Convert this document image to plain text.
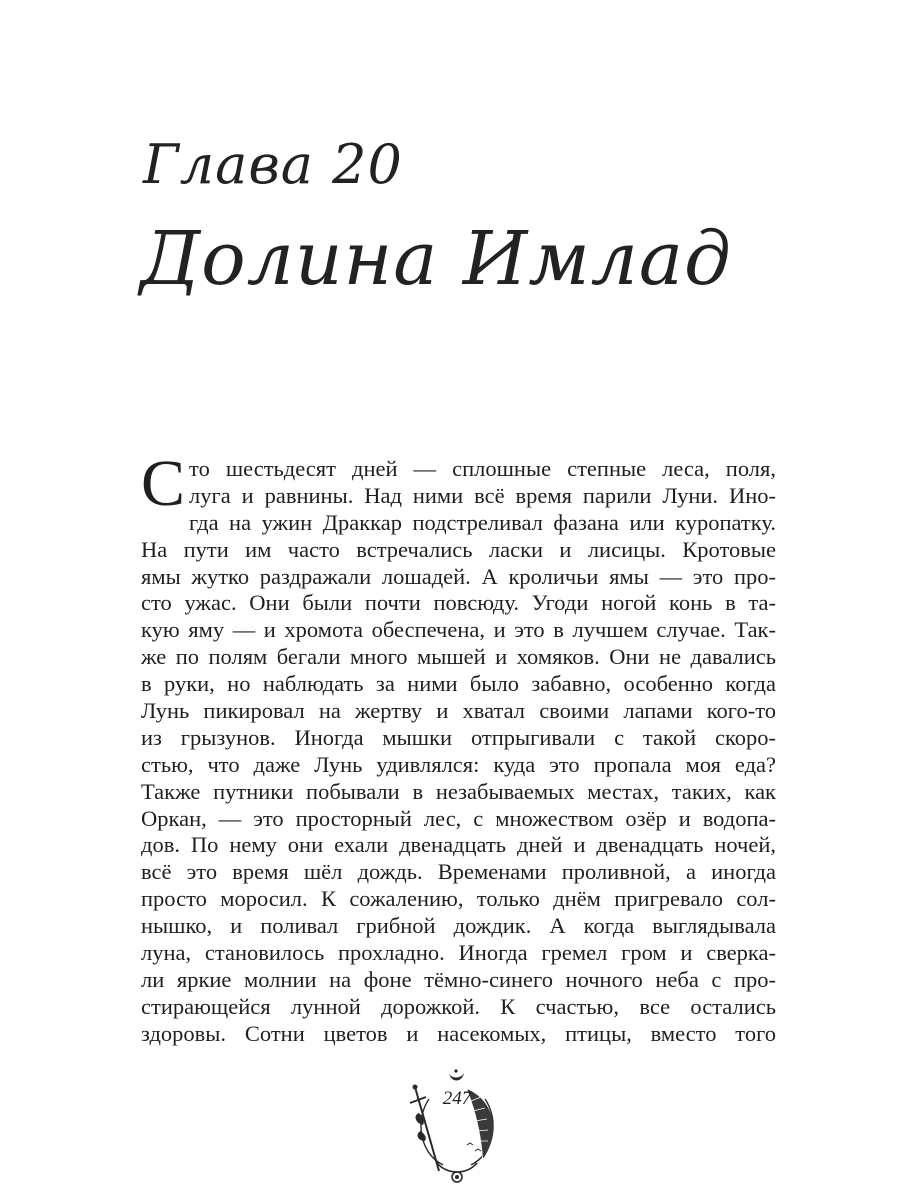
Глава 20
Долина Имлад
С то шестьдесят дней — сплошные степные леса, поля,
луга и равнины. Над ними всё время парили Луни. Ино-
гда на ужин Драккар подстреливал фазана или куропатку.
На пути им часто встречались ласки и лисицы. Кротовые
ямы жутко раздражали лошадей. А кроличьи ямы — это про-
сто ужас. Они были почти повсюду. Угоди ногой конь в та-
кую яму — и хромота обеспечена, и это в лучшем случае. Так-
же по полям бегали много мышей и хомяков. Они не давались
в руки, но наблюдать за ними было забавно, особенно когда
Лунь пикировал на жертву и хватал своими лапами кого-то
из грызунов. Иногда мышки отпрыгивали с такой скоро-
стью, что даже Лунь удивлялся: куда это пропала моя еда?
Также путники побывали в незабываемых местах, таких, как
Оркан, — это просторный лес, с множеством озёр и водопа-
дов. По нему они ехали двенадцать дней и двенадцать ночей,
всё это время шёл дождь. Временами проливной, а иногда
просто моросил. К сожалению, только днём пригревало сол-
нышко, и поливал грибной дождик. А когда выглядывала
луна, становилось прохладно. Иногда гремел гром и сверка-
ли яркие молнии на фоне тёмно-синего ночного неба с про-
стирающейся лунной дорожкой. К счастью, все остались
здоровы. Сотни цветов и насекомых, птицы, вместо того
247
